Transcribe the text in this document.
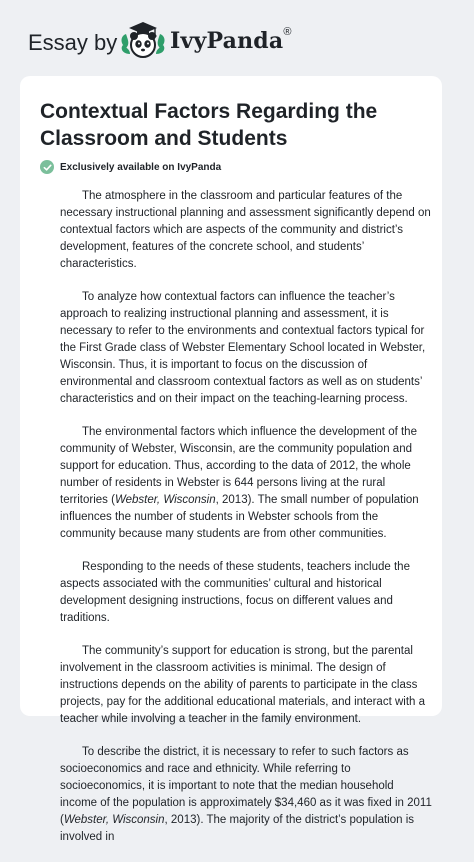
Essay by IvyPanda®
Contextual Factors Regarding the Classroom and Students
Exclusively available on IvyPanda

The atmosphere in the classroom and particular features of the necessary instructional planning and assessment significantly depend on contextual factors which are aspects of the community and district’s development, features of the concrete school, and students’ characteristics.

To analyze how contextual factors can influence the teacher’s approach to realizing instructional planning and assessment, it is necessary to refer to the environments and contextual factors typical for the First Grade class of Webster Elementary School located in Webster, Wisconsin. Thus, it is important to focus on the discussion of environmental and classroom contextual factors as well as on students’ characteristics and on their impact on the teaching-learning process.

The environmental factors which influence the development of the community of Webster, Wisconsin, are the community population and support for education. Thus, according to the data of 2012, the whole number of residents in Webster is 644 persons living at the rural territories (Webster, Wisconsin, 2013). The small number of population influences the number of students in Webster schools from the community because many students are from other communities.

Responding to the needs of these students, teachers include the aspects associated with the communities’ cultural and historical development designing instructions, focus on different values and traditions.

The community’s support for education is strong, but the parental involvement in the classroom activities is minimal. The design of instructions depends on the ability of parents to participate in the class projects, pay for the additional educational materials, and interact with a teacher while involving a teacher in the family environment.

To describe the district, it is necessary to refer to such factors as socioeconomics and race and ethnicity. While referring to socioeconomics, it is important to note that the median household income of the population is approximately $34,460 as it was fixed in 2011 (Webster, Wisconsin, 2013). The majority of the district’s population is involved in
